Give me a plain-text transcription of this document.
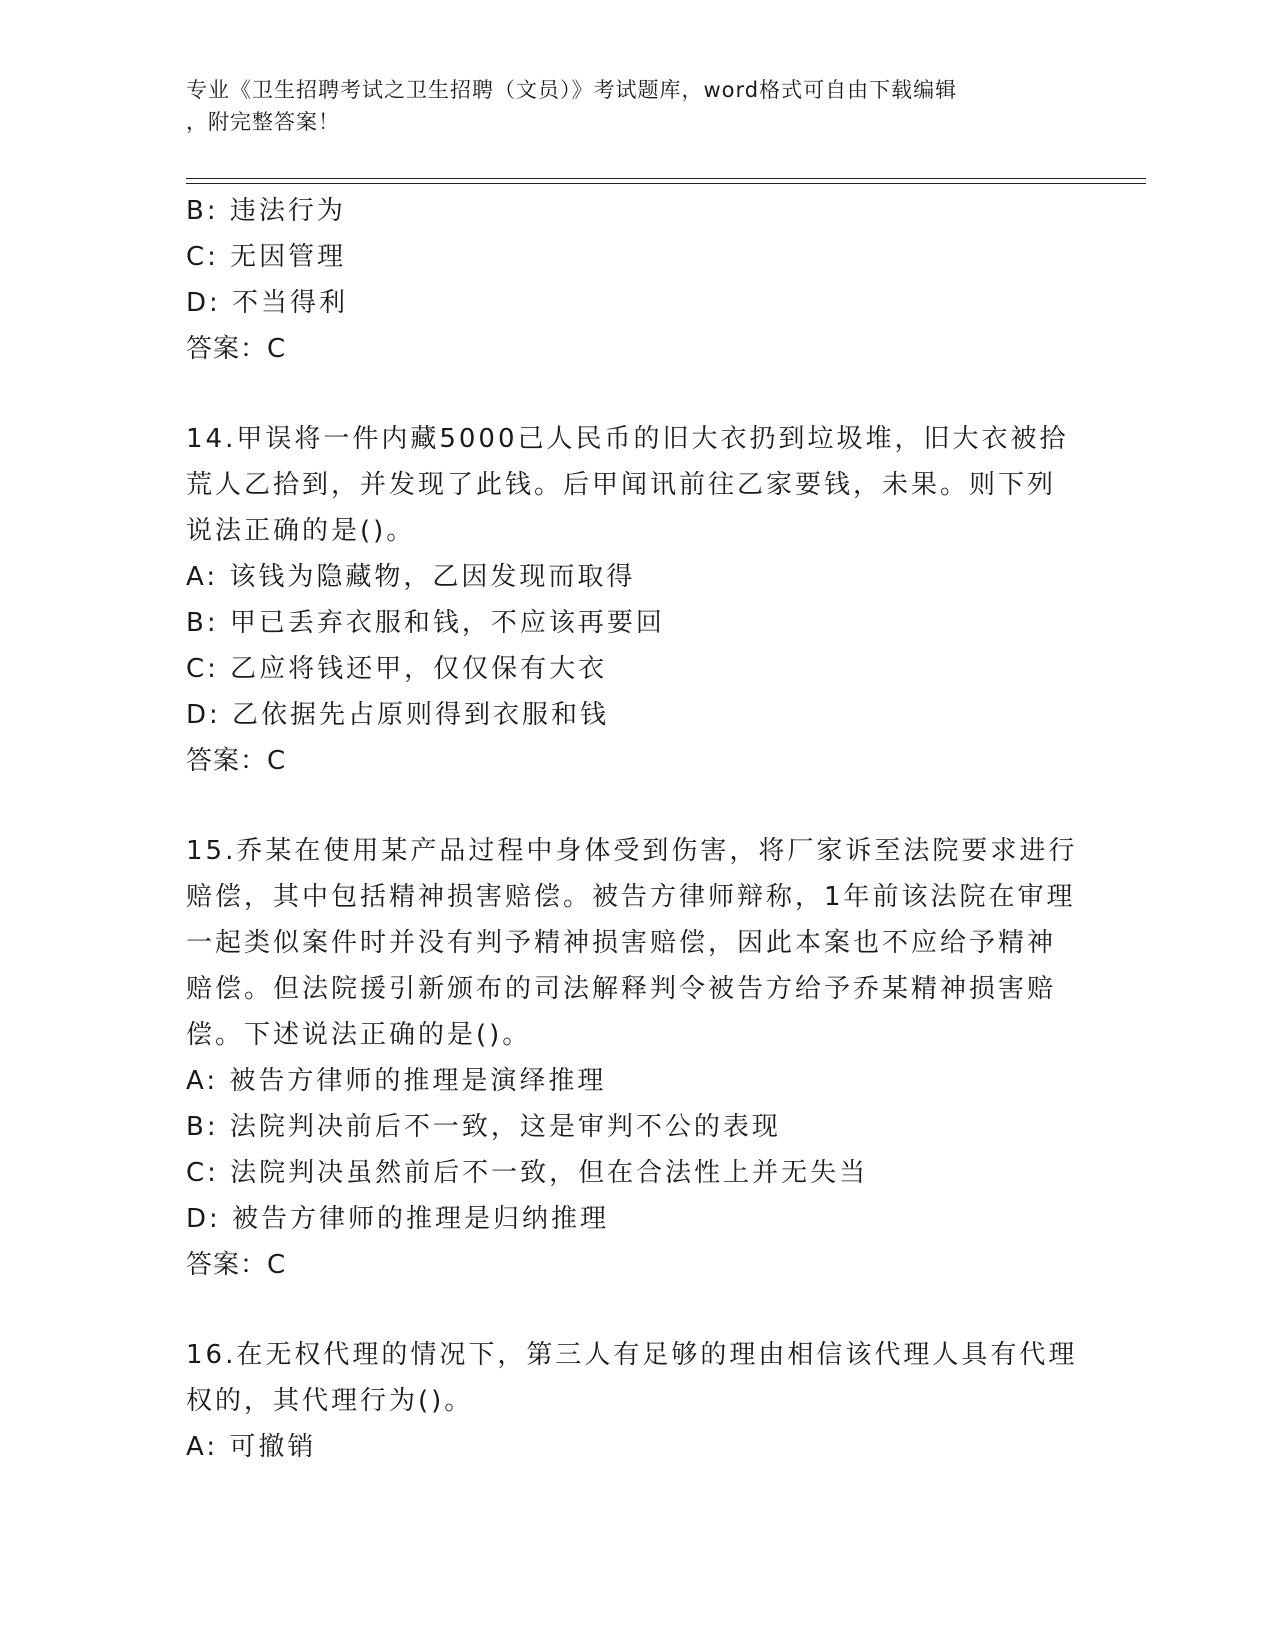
专业《卫生招聘考试之卫生招聘（文员）》考试题库，word格式可自由下载编辑
，附完整答案！
B: 违法行为
C: 无因管理
D: 不当得利
答案：C
14.甲误将一件内藏5000己人民币的旧大衣扔到垃圾堆，旧大衣被拾
荒人乙拾到，并发现了此钱。后甲闻讯前往乙家要钱，未果。则下列
说法正确的是()。
A: 该钱为隐藏物，乙因发现而取得
B: 甲已丢弃衣服和钱，不应该再要回
C: 乙应将钱还甲，仅仅保有大衣
D: 乙依据先占原则得到衣服和钱
答案：C
15.乔某在使用某产品过程中身体受到伤害，将厂家诉至法院要求进行
赔偿，其中包括精神损害赔偿。被告方律师辩称，1年前该法院在审理
一起类似案件时并没有判予精神损害赔偿，因此本案也不应给予精神
赔偿。但法院援引新颁布的司法解释判令被告方给予乔某精神损害赔
偿。下述说法正确的是()。
A: 被告方律师的推理是演绎推理
B: 法院判决前后不一致，这是审判不公的表现
C: 法院判决虽然前后不一致，但在合法性上并无失当
D: 被告方律师的推理是归纳推理
答案：C
16.在无权代理的情况下，第三人有足够的理由相信该代理人具有代理
权的，其代理行为()。
A: 可撤销
